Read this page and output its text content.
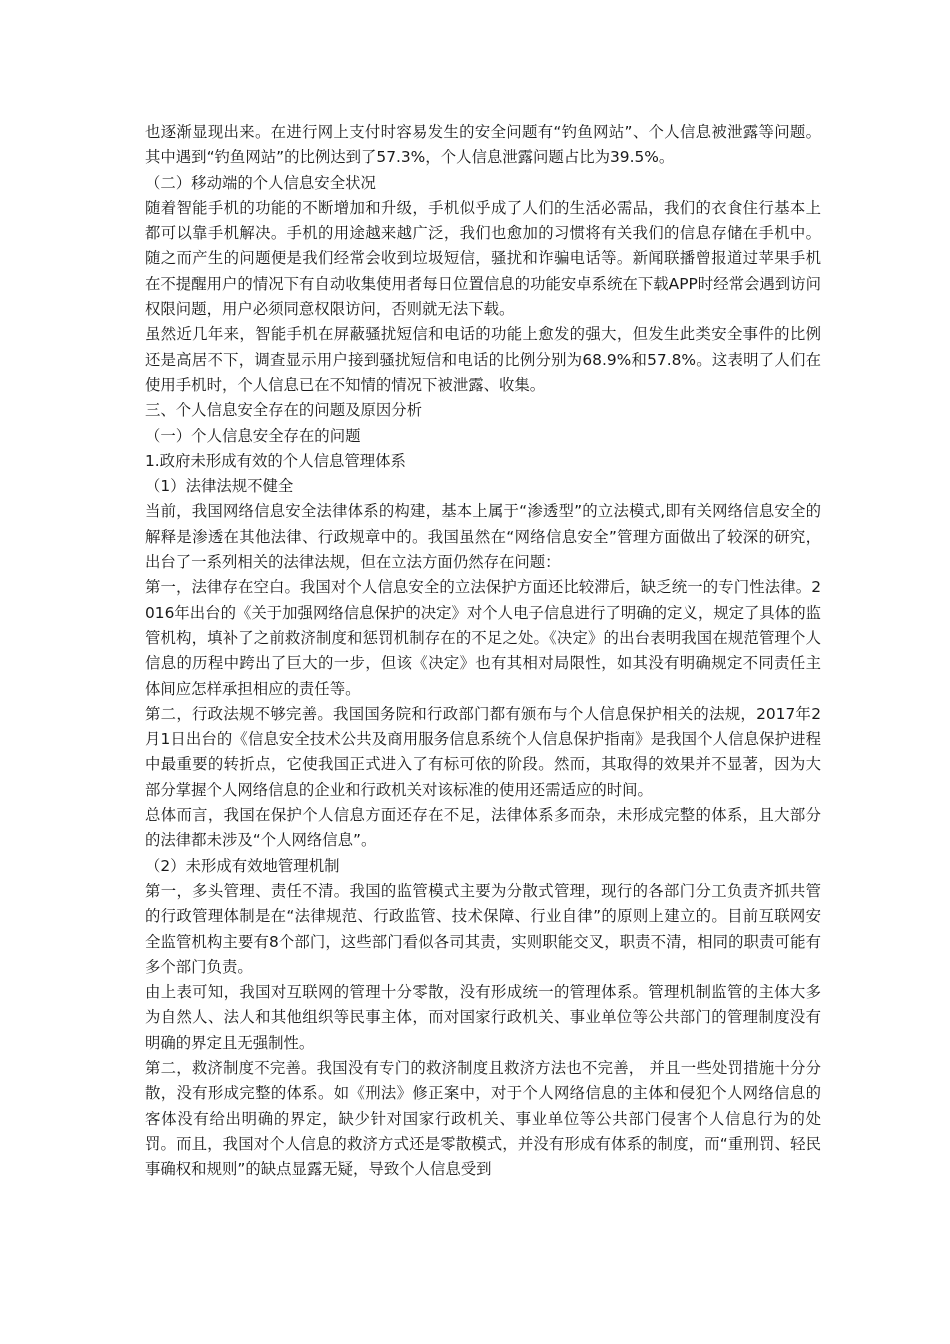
也逐渐显现出来。在进行网上支付时容易发生的安全问题有“钓鱼网站”、个人信息被泄露等问题。其中遇到“钓鱼网站”的比例达到了57.3%，个人信息泄露问题占比为39.5%。

（二）移动端的个人信息安全状况

随着智能手机的功能的不断增加和升级，手机似乎成了人们的生活必需品，我们的衣食住行基本上都可以靠手机解决。手机的用途越来越广泛，我们也愈加的习惯将有关我们的信息存储在手机中。随之而产生的问题便是我们经常会收到垃圾短信，骚扰和诈骗电话等。新闻联播曾报道过苹果手机在不提醒用户的情况下有自动收集使用者每日位置信息的功能安卓系统在下载APP时经常会遇到访问权限问题，用户必须同意权限访问，否则就无法下载。

虽然近几年来，智能手机在屏蔽骚扰短信和电话的功能上愈发的强大，但发生此类安全事件的比例还是高居不下，调查显示用户接到骚扰短信和电话的比例分别为68.9%和57.8%。这表明了人们在使用手机时，个人信息已在不知情的情况下被泄露、收集。

三、个人信息安全存在的问题及原因分析

（一）个人信息安全存在的问题

1.政府未形成有效的个人信息管理体系

（1）法律法规不健全

当前，我国网络信息安全法律体系的构建，基本上属于“渗透型”的立法模式,即有关网络信息安全的解释是渗透在其他法律、行政规章中的。我国虽然在“网络信息安全”管理方面做出了较深的研究，出台了一系列相关的法律法规，但在立法方面仍然存在问题：

第一，法律存在空白。我国对个人信息安全的立法保护方面还比较滞后，缺乏统一的专门性法律。2016年出台的《关于加强网络信息保护的决定》对个人电子信息进行了明确的定义，规定了具体的监管机构，填补了之前救济制度和惩罚机制存在的不足之处。《决定》的出台表明我国在规范管理个人信息的历程中跨出了巨大的一步，但该《决定》也有其相对局限性，如其没有明确规定不同责任主体间应怎样承担相应的责任等。

第二，行政法规不够完善。我国国务院和行政部门都有颁布与个人信息保护相关的法规，2017年2月1日出台的《信息安全技术公共及商用服务信息系统个人信息保护指南》是我国个人信息保护进程中最重要的转折点，它使我国正式进入了有标可依的阶段。然而，其取得的效果并不显著，因为大部分掌握个人网络信息的企业和行政机关对该标准的使用还需适应的时间。

总体而言，我国在保护个人信息方面还存在不足，法律体系多而杂，未形成完整的体系，且大部分的法律都未涉及“个人网络信息”。

（2）未形成有效地管理机制

第一，多头管理、责任不清。我国的监管模式主要为分散式管理，现行的各部门分工负责齐抓共管的行政管理体制是在“法律规范、行政监管、技术保障、行业自律”的原则上建立的。目前互联网安全监管机构主要有8个部门，这些部门看似各司其责，实则职能交叉，职责不清，相同的职责可能有多个部门负责。

由上表可知，我国对互联网的管理十分零散，没有形成统一的管理体系。管理机制监管的主体大多为自然人、法人和其他组织等民事主体，而对国家行政机关、事业单位等公共部门的管理制度没有明确的界定且无强制性。

第二，救济制度不完善。我国没有专门的救济制度且救济方法也不完善， 并且一些处罚措施十分分散，没有形成完整的体系。如《刑法》修正案中，对于个人网络信息的主体和侵犯个人网络信息的客体没有给出明确的界定，缺少针对国家行政机关、事业单位等公共部门侵害个人信息行为的处罚。而且，我国对个人信息的救济方式还是零散模式，并没有形成有体系的制度，而“重刑罚、轻民事确权和规则”的缺点显露无疑，导致个人信息受到
